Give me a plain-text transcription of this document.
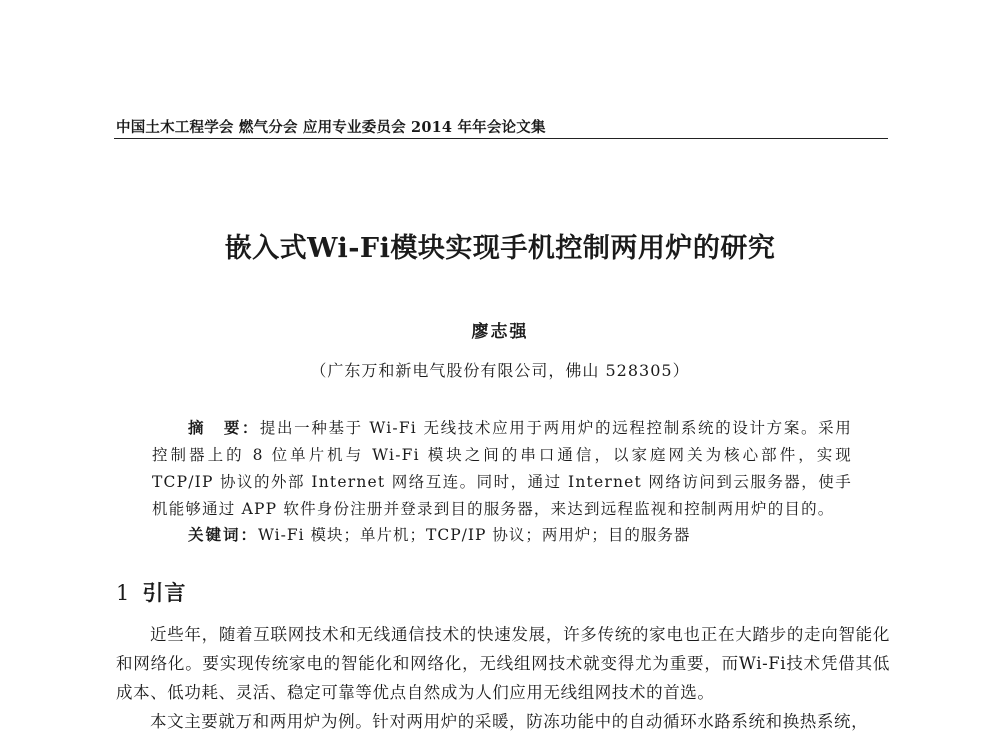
中国土木工程学会 燃气分会 应用专业委员会 2014 年年会论文集
嵌入式Wi-Fi模块实现手机控制两用炉的研究
廖志强
（广东万和新电气股份有限公司，佛山 528305）
摘　要：提出一种基于 Wi-Fi 无线技术应用于两用炉的远程控制系统的设计方案。采用控制器上的 8 位单片机与 Wi-Fi 模块之间的串口通信，以家庭网关为核心部件，实现 TCP/IP 协议的外部 Internet 网络互连。同时，通过 Internet 网络访问到云服务器，使手机能够通过 APP 软件身份注册并登录到目的服务器，来达到远程监视和控制两用炉的目的。
关键词：Wi-Fi 模块；单片机；TCP/IP 协议；两用炉；目的服务器
1 引言

近些年，随着互联网技术和无线通信技术的快速发展，许多传统的家电也正在大踏步的走向智能化和网络化。要实现传统家电的智能化和网络化，无线组网技术就变得尤为重要，而Wi-Fi技术凭借其低成本、低功耗、灵活、稳定可靠等优点自然成为人们应用无线组网技术的首选。

本文主要就万和两用炉为例。针对两用炉的采暖，防冻功能中的自动循环水路系统和换热系统，
